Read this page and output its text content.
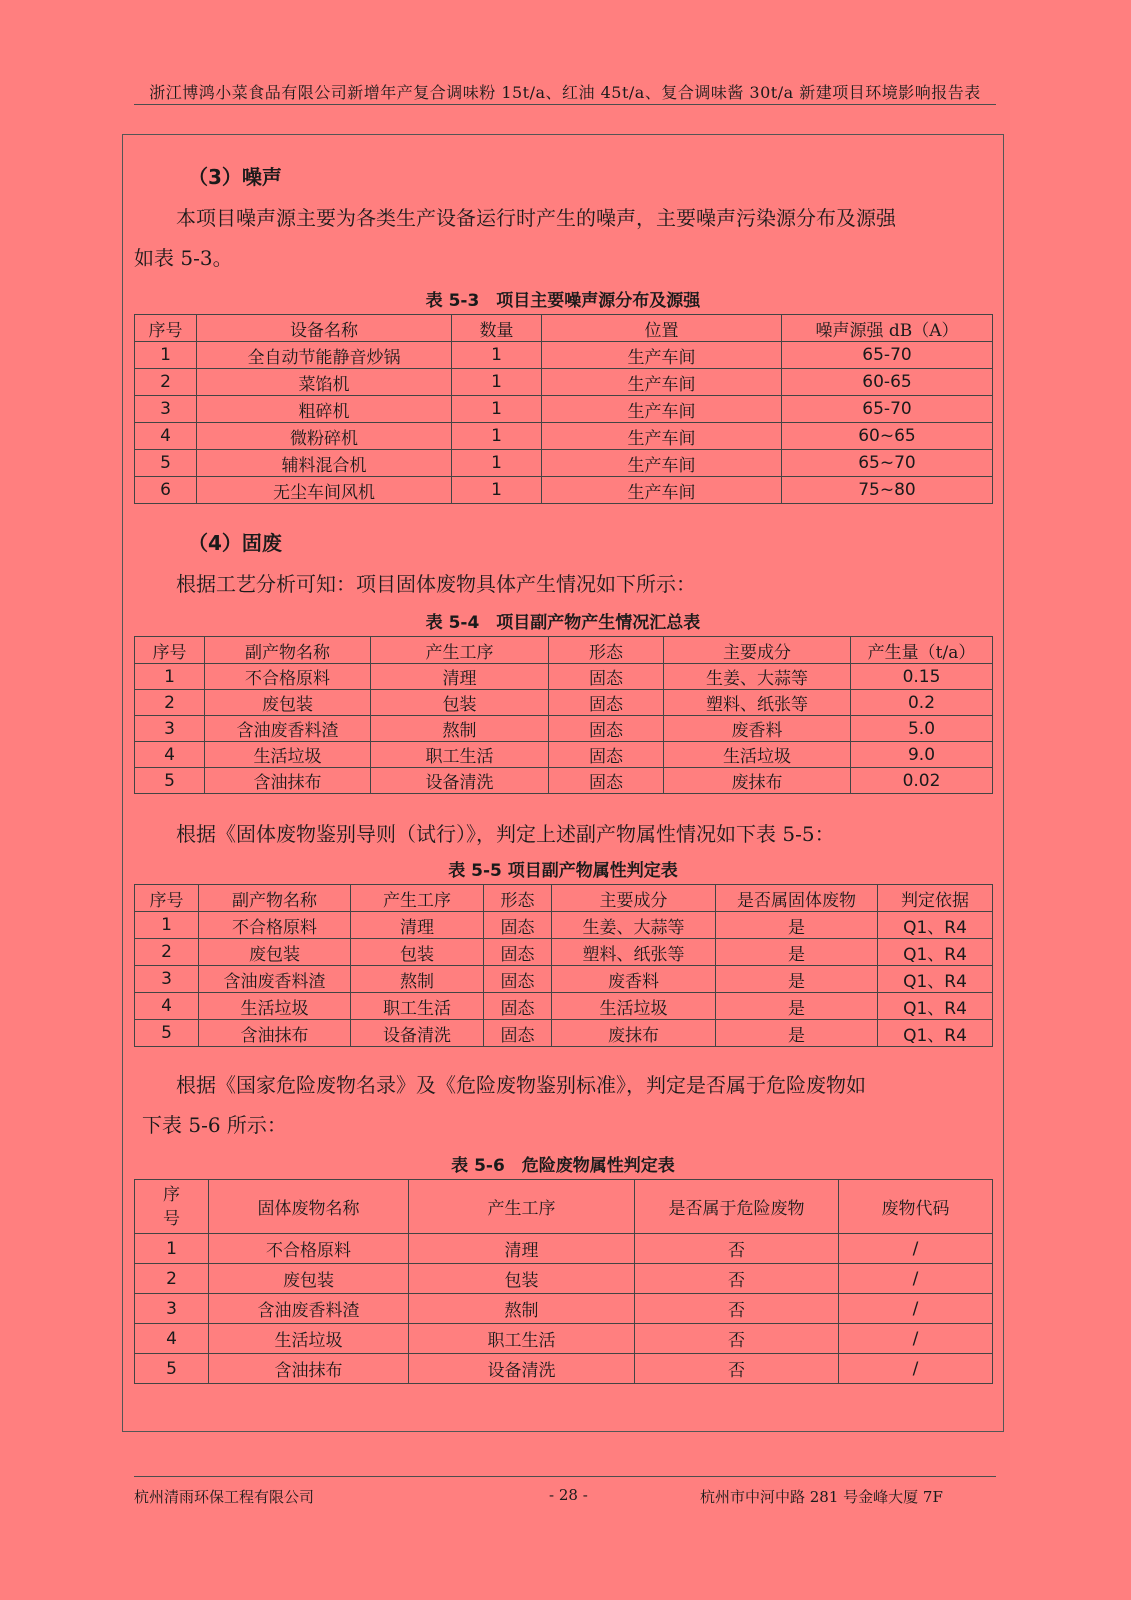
浙江博鸿小菜食品有限公司新增年产复合调味粉 15t/a、红油 45t/a、复合调味酱 30t/a 新建项目环境影响报告表
（3）噪声

本项目噪声源主要为各类生产设备运行时产生的噪声，主要噪声污染源分布及源强

如表 5-3。

表 5-3　项目主要噪声源分布及源强
序号	设备名称	数量	位置	噪声源强 dB（A）
1	全自动节能静音炒锅	1	生产车间	65-70
2	菜馅机	1	生产车间	60-65
3	粗碎机	1	生产车间	65-70
4	微粉碎机	1	生产车间	60~65
5	辅料混合机	1	生产车间	65~70
6	无尘车间风机	1	生产车间	75~80
（4）固废

根据工艺分析可知：项目固体废物具体产生情况如下所示：

表 5-4　项目副产物产生情况汇总表
序号	副产物名称	产生工序	形态	主要成分	产生量（t/a）
1	不合格原料	清理	固态	生姜、大蒜等	0.15
2	废包装	包装	固态	塑料、纸张等	0.2
3	含油废香料渣	熬制	固态	废香料	5.0
4	生活垃圾	职工生活	固态	生活垃圾	9.0
5	含油抹布	设备清洗	固态	废抹布	0.02

根据《固体废物鉴别导则（试行）》，判定上述副产物属性情况如下表 5-5：

表 5-5 项目副产物属性判定表
序号	副产物名称	产生工序	形态	主要成分	是否属固体废物	判定依据
1	不合格原料	清理	固态	生姜、大蒜等	是	Q1、R4
2	废包装	包装	固态	塑料、纸张等	是	Q1、R4
3	含油废香料渣	熬制	固态	废香料	是	Q1、R4
4	生活垃圾	职工生活	固态	生活垃圾	是	Q1、R4
5	含油抹布	设备清洗	固态	废抹布	是	Q1、R4

根据《国家危险废物名录》及《危险废物鉴别标准》，判定是否属于危险废物如

下表 5-6 所示：

表 5-6　危险废物属性判定表
序号	固体废物名称	产生工序	是否属于危险废物	废物代码
1	不合格原料	清理	否	/
2	废包装	包装	否	/
3	含油废香料渣	熬制	否	/
4	生活垃圾	职工生活	否	/
5	含油抹布	设备清洗	否	/
杭州清雨环保工程有限公司	- 28 -	杭州市中河中路 281 号金峰大厦 7F
